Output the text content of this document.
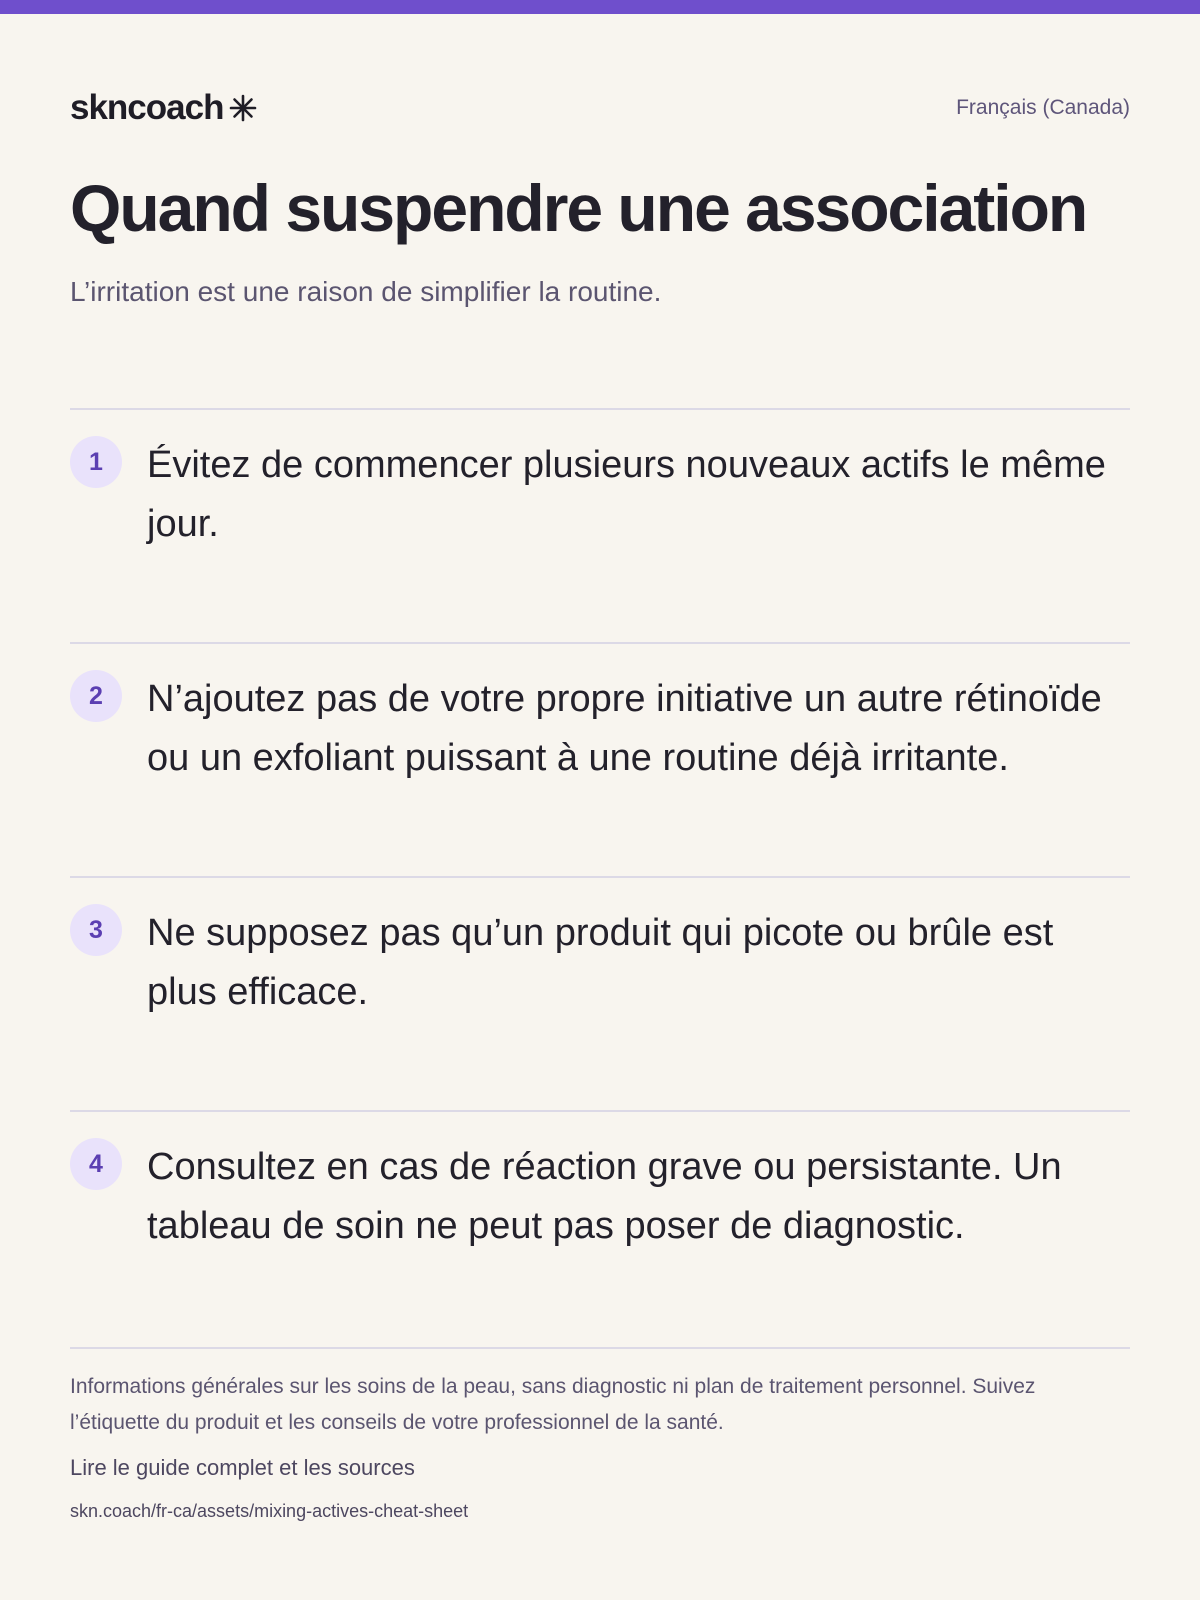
skncoach	Français (Canada)
Quand suspendre une association

L’irritation est une raison de simplifier la routine.

1	Évitez de commencer plusieurs nouveaux actifs le même jour.
2	N’ajoutez pas de votre propre initiative un autre rétinoïde ou un exfoliant puissant à une routine déjà irritante.
3	Ne supposez pas qu’un produit qui picote ou brûle est plus efficace.
4	Consultez en cas de réaction grave ou persistante. Un tableau de soin ne peut pas poser de diagnostic.

Informations générales sur les soins de la peau, sans diagnostic ni plan de traitement personnel. Suivez l’étiquette du produit et les conseils de votre professionnel de la santé.

Lire le guide complet et les sources

skn.coach/fr-ca/assets/mixing-actives-cheat-sheet
